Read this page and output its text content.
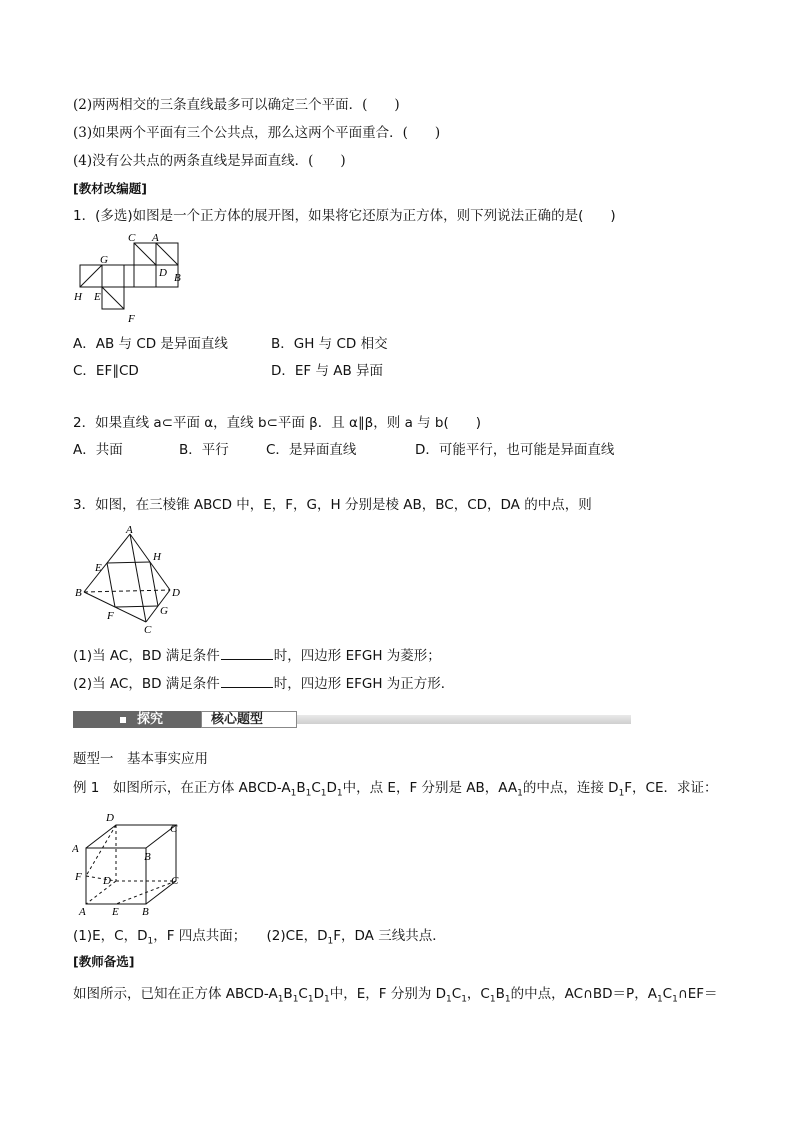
(2)两两相交的三条直线最多可以确定三个平面．(　　)
(3)如果两个平面有三个公共点，那么这两个平面重合．(　　)
(4)没有公共点的两条直线是异面直线．(　　)
[教材改编题]
1．(多选)如图是一个正方体的展开图，如果将它还原为正方体，则下列说法正确的是(　　)
C A
G
D B
H E
F
A．AB 与 CD 是异面直线	B．GH 与 CD 相交
C．EF∥CD	D．EF 与 AB 异面
2．如果直线 a⊂平面 α，直线 b⊂平面 β．且 α∥β，则 a 与 b(　　)
A．共面	B．平行	C．是异面直线	D．可能平行，也可能是异面直线
3．如图，在三棱锥 ABCD 中，E，F，G，H 分别是棱 AB，BC，CD，DA 的中点，则
A
E
H
B	D
F	G
C
(1)当 AC，BD 满足条件	时，四边形 EFGH 为菱形；
(2)当 AC，BD 满足条件	时，四边形 EFGH 为正方形．
探究	核心题型
题型一　基本事实应用
例 1　 如图所示，在正方体 ABCD-$A_1B_1C_1D_1$中，点 E，F 分别是 AB，$AA_1$的中点，连接 $D_1F$，CE．求证：
D
C
A
B
F D	C
A E B
(1)E，C，$D_1$，F 四点共面；　　 (2)CE，$D_1F$，DA 三线共点．
[教师备选]
如图所示，已知在正方体 ABCD-$A_1B_1C_1D_1$中，E，F 分别为 $D_1C_1$，$C_1B_1$的中点，AC∩BD＝P，$A_1C_1\cap EF=$
